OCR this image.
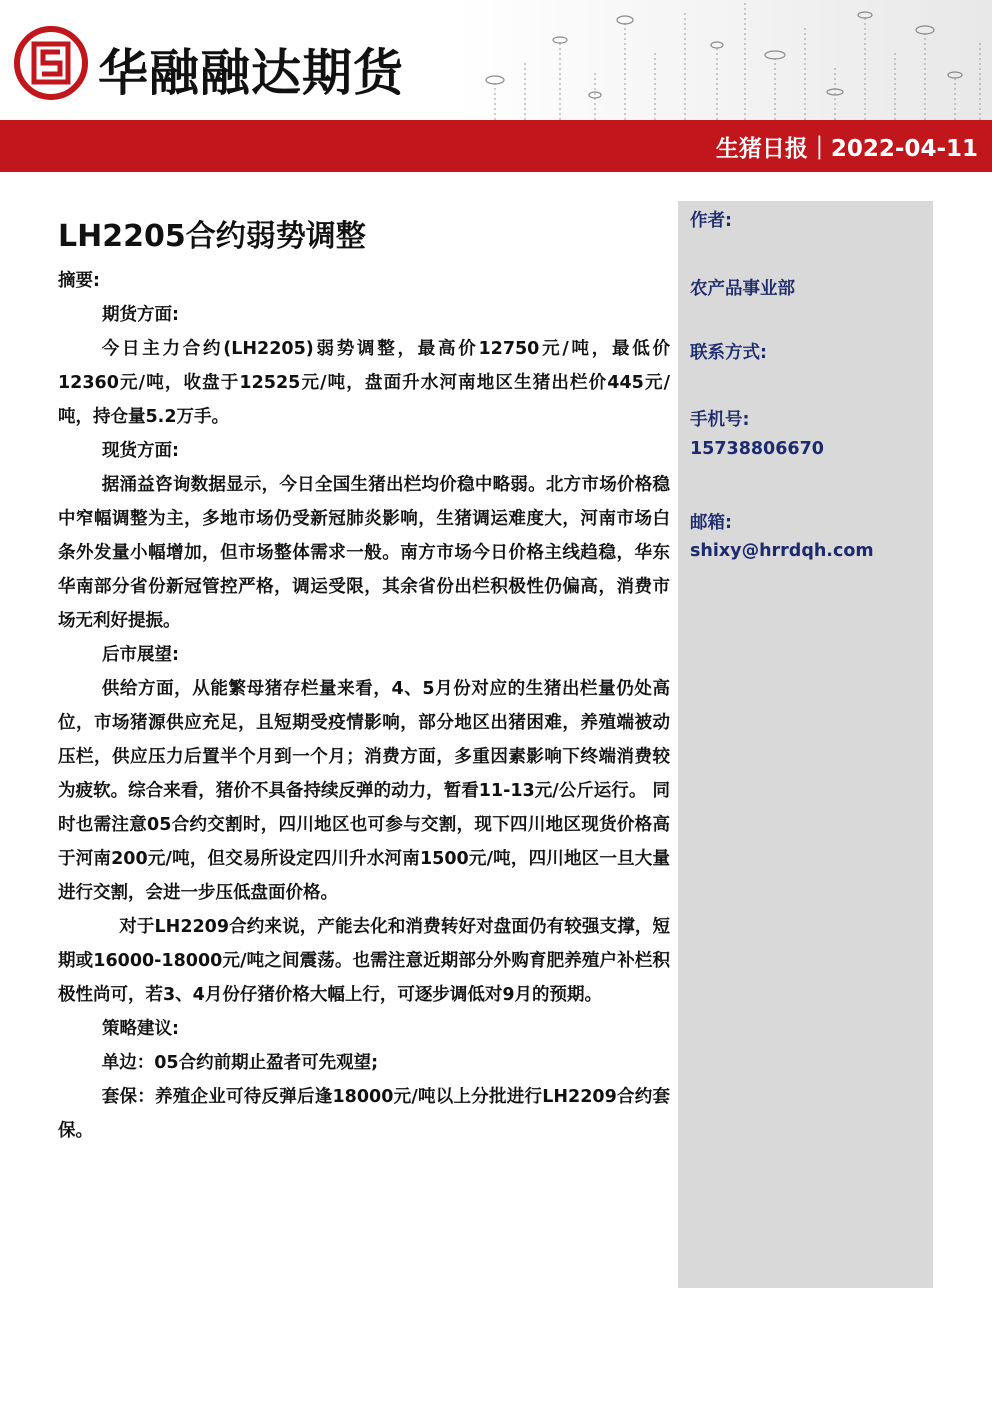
华融融达期货
生猪日报｜2022-04-11
LH2205合约弱势调整

摘要:

期货方面:

今日主力合约(LH2205)弱势调整，最高价12750元/吨，最低价12360元/吨，收盘于12525元/吨，盘面升水河南地区生猪出栏价445元/吨，持仓量5.2万手。

现货方面:

据涌益咨询数据显示，今日全国生猪出栏均价稳中略弱。北方市场价格稳中窄幅调整为主，多地市场仍受新冠肺炎影响，生猪调运难度大，河南市场白条外发量小幅增加，但市场整体需求一般。南方市场今日价格主线趋稳，华东华南部分省份新冠管控严格，调运受限，其余省份出栏积极性仍偏高，消费市场无利好提振。

后市展望:

供给方面，从能繁母猪存栏量来看，4、5月份对应的生猪出栏量仍处高位，市场猪源供应充足，且短期受疫情影响，部分地区出猪困难，养殖端被动压栏，供应压力后置半个月到一个月；消费方面，多重因素影响下终端消费较为疲软。综合来看，猪价不具备持续反弹的动力，暂看11-13元/公斤运行。 同时也需注意05合约交割时，四川地区也可参与交割，现下四川地区现货价格高于河南200元/吨，但交易所设定四川升水河南1500元/吨，四川地区一旦大量进行交割，会进一步压低盘面价格。

对于LH2209合约来说，产能去化和消费转好对盘面仍有较强支撑，短期或16000-18000元/吨之间震荡。也需注意近期部分外购育肥养殖户补栏积极性尚可，若3、4月份仔猪价格大幅上行，可逐步调低对9月的预期。

策略建议:

单边：05合约前期止盈者可先观望;

套保：养殖企业可待反弹后逢18000元/吨以上分批进行LH2209合约套保。

作者:
农产品事业部
联系方式:
手机号:
15738806670
邮箱:
shixy@hrrdqh.com
